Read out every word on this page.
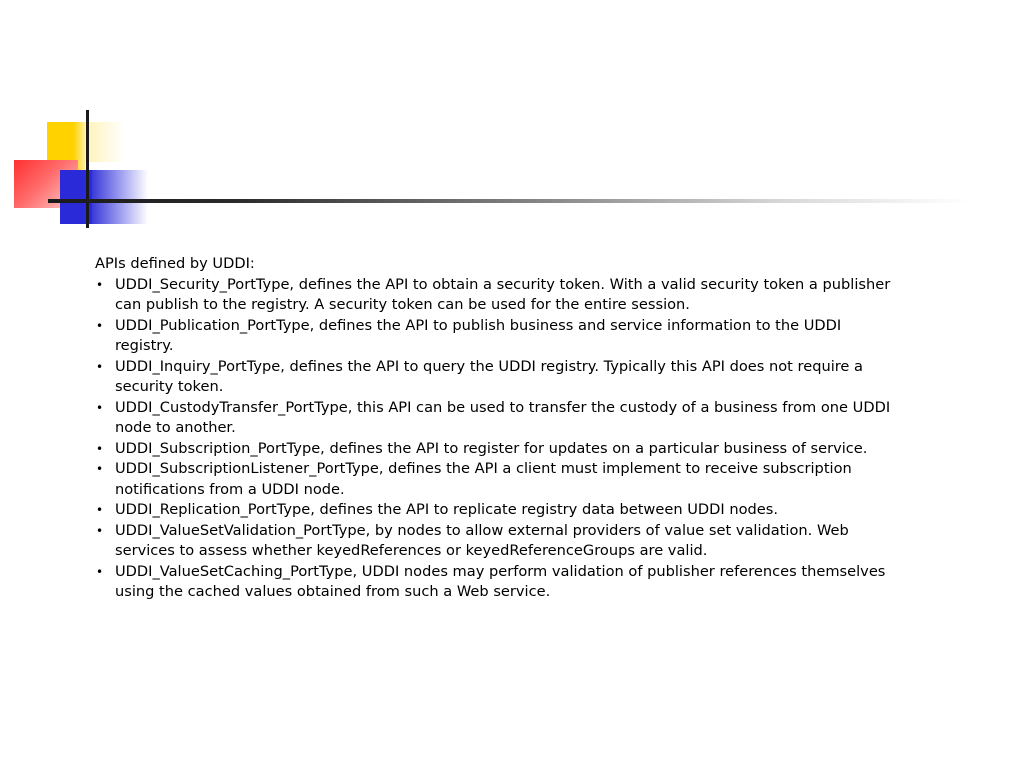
APIs defined by UDDI:

• UDDI_Security_PortType, defines the API to obtain a security token. With a valid security token a publisher can publish to the registry. A security token can be used for the entire session.
• UDDI_Publication_PortType, defines the API to publish business and service information to the UDDI registry.
• UDDI_Inquiry_PortType, defines the API to query the UDDI registry. Typically this API does not require a security token.
• UDDI_CustodyTransfer_PortType, this API can be used to transfer the custody of a business from one UDDI node to another.
• UDDI_Subscription_PortType, defines the API to register for updates on a particular business of service.
• UDDI_SubscriptionListener_PortType, defines the API a client must implement to receive subscription notifications from a UDDI node.
• UDDI_Replication_PortType, defines the API to replicate registry data between UDDI nodes.
• UDDI_ValueSetValidation_PortType, by nodes to allow external providers of value set validation. Web services to assess whether keyedReferences or keyedReferenceGroups are valid.
• UDDI_ValueSetCaching_PortType, UDDI nodes may perform validation of publisher references themselves using the cached values obtained from such a Web service.
